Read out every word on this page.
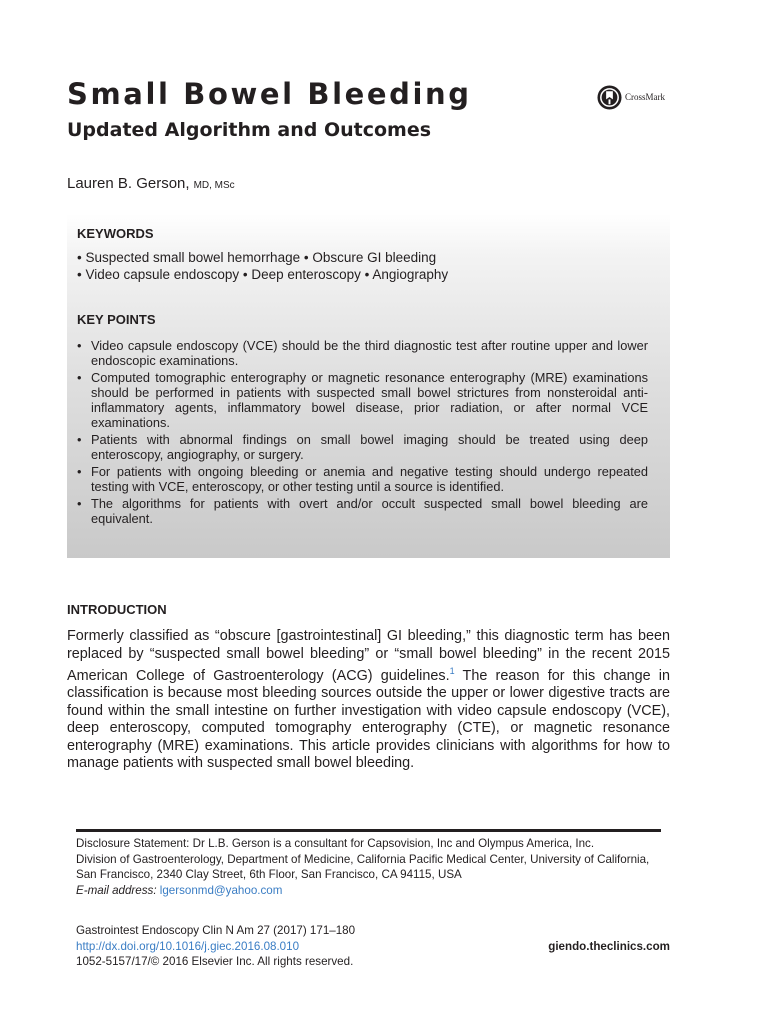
Small Bowel Bleeding
Updated Algorithm and Outcomes
CrossMark
Lauren B. Gerson, MD, MSc
KEYWORDS
• Suspected small bowel hemorrhage • Obscure GI bleeding
• Video capsule endoscopy • Deep enteroscopy • Angiography
KEY POINTS
• Video capsule endoscopy (VCE) should be the third diagnostic test after routine upper and lower endoscopic examinations.
• Computed tomographic enterography or magnetic resonance enterography (MRE) examinations should be performed in patients with suspected small bowel strictures from nonsteroidal anti-inflammatory agents, inflammatory bowel disease, prior radiation, or after normal VCE examinations.
• Patients with abnormal findings on small bowel imaging should be treated using deep enteroscopy, angiography, or surgery.
• For patients with ongoing bleeding or anemia and negative testing should undergo repeated testing with VCE, enteroscopy, or other testing until a source is identified.
• The algorithms for patients with overt and/or occult suspected small bowel bleeding are equivalent.
INTRODUCTION

Formerly classified as “obscure [gastrointestinal] GI bleeding,” this diagnostic term has been replaced by “suspected small bowel bleeding” or “small bowel bleeding” in the recent 2015 American College of Gastroenterology (ACG) guidelines.$^1$ The reason for this change in classification is because most bleeding sources outside the upper or lower digestive tracts are found within the small intestine on further investigation with video capsule endoscopy (VCE), deep enteroscopy, computed tomography enterography (CTE), or magnetic resonance enterography (MRE) examinations. This article provides clinicians with algorithms for how to manage patients with suspected small bowel bleeding.

Disclosure Statement: Dr L.B. Gerson is a consultant for Capsovision, Inc and Olympus America, Inc.

Division of Gastroenterology, Department of Medicine, California Pacific Medical Center, University of California, San Francisco, 2340 Clay Street, 6th Floor, San Francisco, CA 94115, USA

E-mail address: lgersonmd@yahoo.com

Gastrointest Endoscopy Clin N Am 27 (2017) 171–180
http://dx.doi.org/10.1016/j.giec.2016.08.010
1052-5157/17/© 2016 Elsevier Inc. All rights reserved.
giendo.theclinics.com
